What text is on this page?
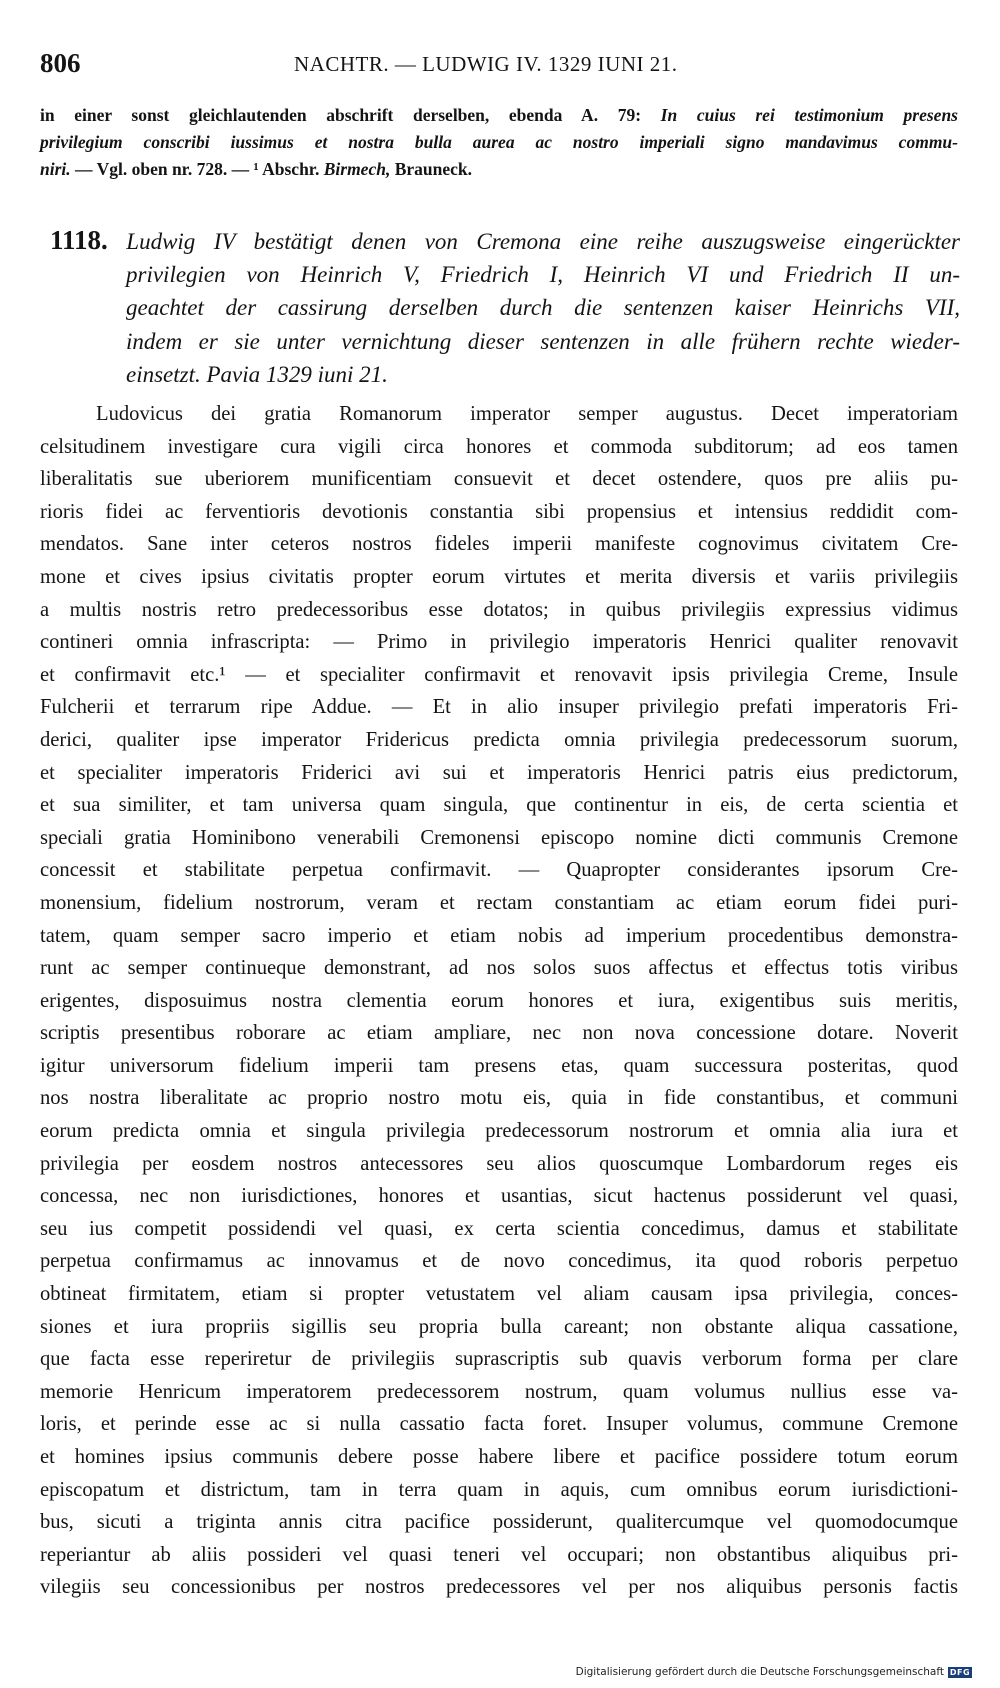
806	NACHTR. — LUDWIG IV. 1329 IUNI 21.
in einer sonst gleichlautenden abschrift derselben, ebenda A. 79: In cuius rei testimonium presens
privilegium conscribi iussimus et nostra bulla aurea ac nostro imperiali signo mandavimus commu-
niri. — Vgl. oben nr. 728. — ¹ Abschr. Birmech, Brauneck.
1118. Ludwig IV bestätigt denen von Cremona eine reihe auszugsweise eingerückter
privilegien von Heinrich V, Friedrich I, Heinrich VI und Friedrich II un-
geachtet der cassirung derselben durch die sentenzen kaiser Heinrichs VII,
indem er sie unter vernichtung dieser sentenzen in alle frühern rechte wieder-
einsetzt. Pavia 1329 iuni 21.
Ludovicus dei gratia Romanorum imperator semper augustus. Decet imperatoriam
celsitudinem investigare cura vigili circa honores et commoda subditorum; ad eos tamen
liberalitatis sue uberiorem munificentiam consuevit et decet ostendere, quos pre aliis pu-
rioris fidei ac ferventioris devotionis constantia sibi propensius et intensius reddidit com-
mendatos. Sane inter ceteros nostros fideles imperii manifeste cognovimus civitatem Cre-
mone et cives ipsius civitatis propter eorum virtutes et merita diversis et variis privilegiis
a multis nostris retro predecessoribus esse dotatos; in quibus privilegiis expressius vidimus
contineri omnia infrascripta: — Primo in privilegio imperatoris Henrici qualiter renovavit
et confirmavit etc.¹ — et specialiter confirmavit et renovavit ipsis privilegia Creme, Insule
Fulcherii et terrarum ripe Addue. — Et in alio insuper privilegio prefati imperatoris Fri-
derici, qualiter ipse imperator Fridericus predicta omnia privilegia predecessorum suorum,
et specialiter imperatoris Friderici avi sui et imperatoris Henrici patris eius predictorum,
et sua similiter, et tam universa quam singula, que continentur in eis, de certa scientia et
speciali gratia Hominibono venerabili Cremonensi episcopo nomine dicti communis Cremone
concessit et stabilitate perpetua confirmavit. — Quapropter considerantes ipsorum Cre-
monensium, fidelium nostrorum, veram et rectam constantiam ac etiam eorum fidei puri-
tatem, quam semper sacro imperio et etiam nobis ad imperium procedentibus demonstra-
runt ac semper continueque demonstrant, ad nos solos suos affectus et effectus totis viribus
erigentes, disposuimus nostra clementia eorum honores et iura, exigentibus suis meritis,
scriptis presentibus roborare ac etiam ampliare, nec non nova concessione dotare. Noverit
igitur universorum fidelium imperii tam presens etas, quam successura posteritas, quod
nos nostra liberalitate ac proprio nostro motu eis, quia in fide constantibus, et communi
eorum predicta omnia et singula privilegia predecessorum nostrorum et omnia alia iura et
privilegia per eosdem nostros antecessores seu alios quoscumque Lombardorum reges eis
concessa, nec non iurisdictiones, honores et usantias, sicut hactenus possiderunt vel quasi,
seu ius competit possidendi vel quasi, ex certa scientia concedimus, damus et stabilitate
perpetua confirmamus ac innovamus et de novo concedimus, ita quod roboris perpetuo
obtineat firmitatem, etiam si propter vetustatem vel aliam causam ipsa privilegia, conces-
siones et iura propriis sigillis seu propria bulla careant; non obstante aliqua cassatione,
que facta esse reperiretur de privilegiis suprascriptis sub quavis verborum forma per clare
memorie Henricum imperatorem predecessorem nostrum, quam volumus nullius esse va-
loris, et perinde esse ac si nulla cassatio facta foret. Insuper volumus, commune Cremone
et homines ipsius communis debere posse habere libere et pacifice possidere totum eorum
episcopatum et districtum, tam in terra quam in aquis, cum omnibus eorum iurisdictioni-
bus, sicuti a triginta annis citra pacifice possiderunt, qualitercumque vel quomodocumque
reperiantur ab aliis possideri vel quasi teneri vel occupari; non obstantibus aliquibus pri-
vilegiis seu concessionibus per nostros predecessores vel per nos aliquibus personis factis
Digitalisierung gefördert durch die Deutsche Forschungsgemeinschaft DFG
